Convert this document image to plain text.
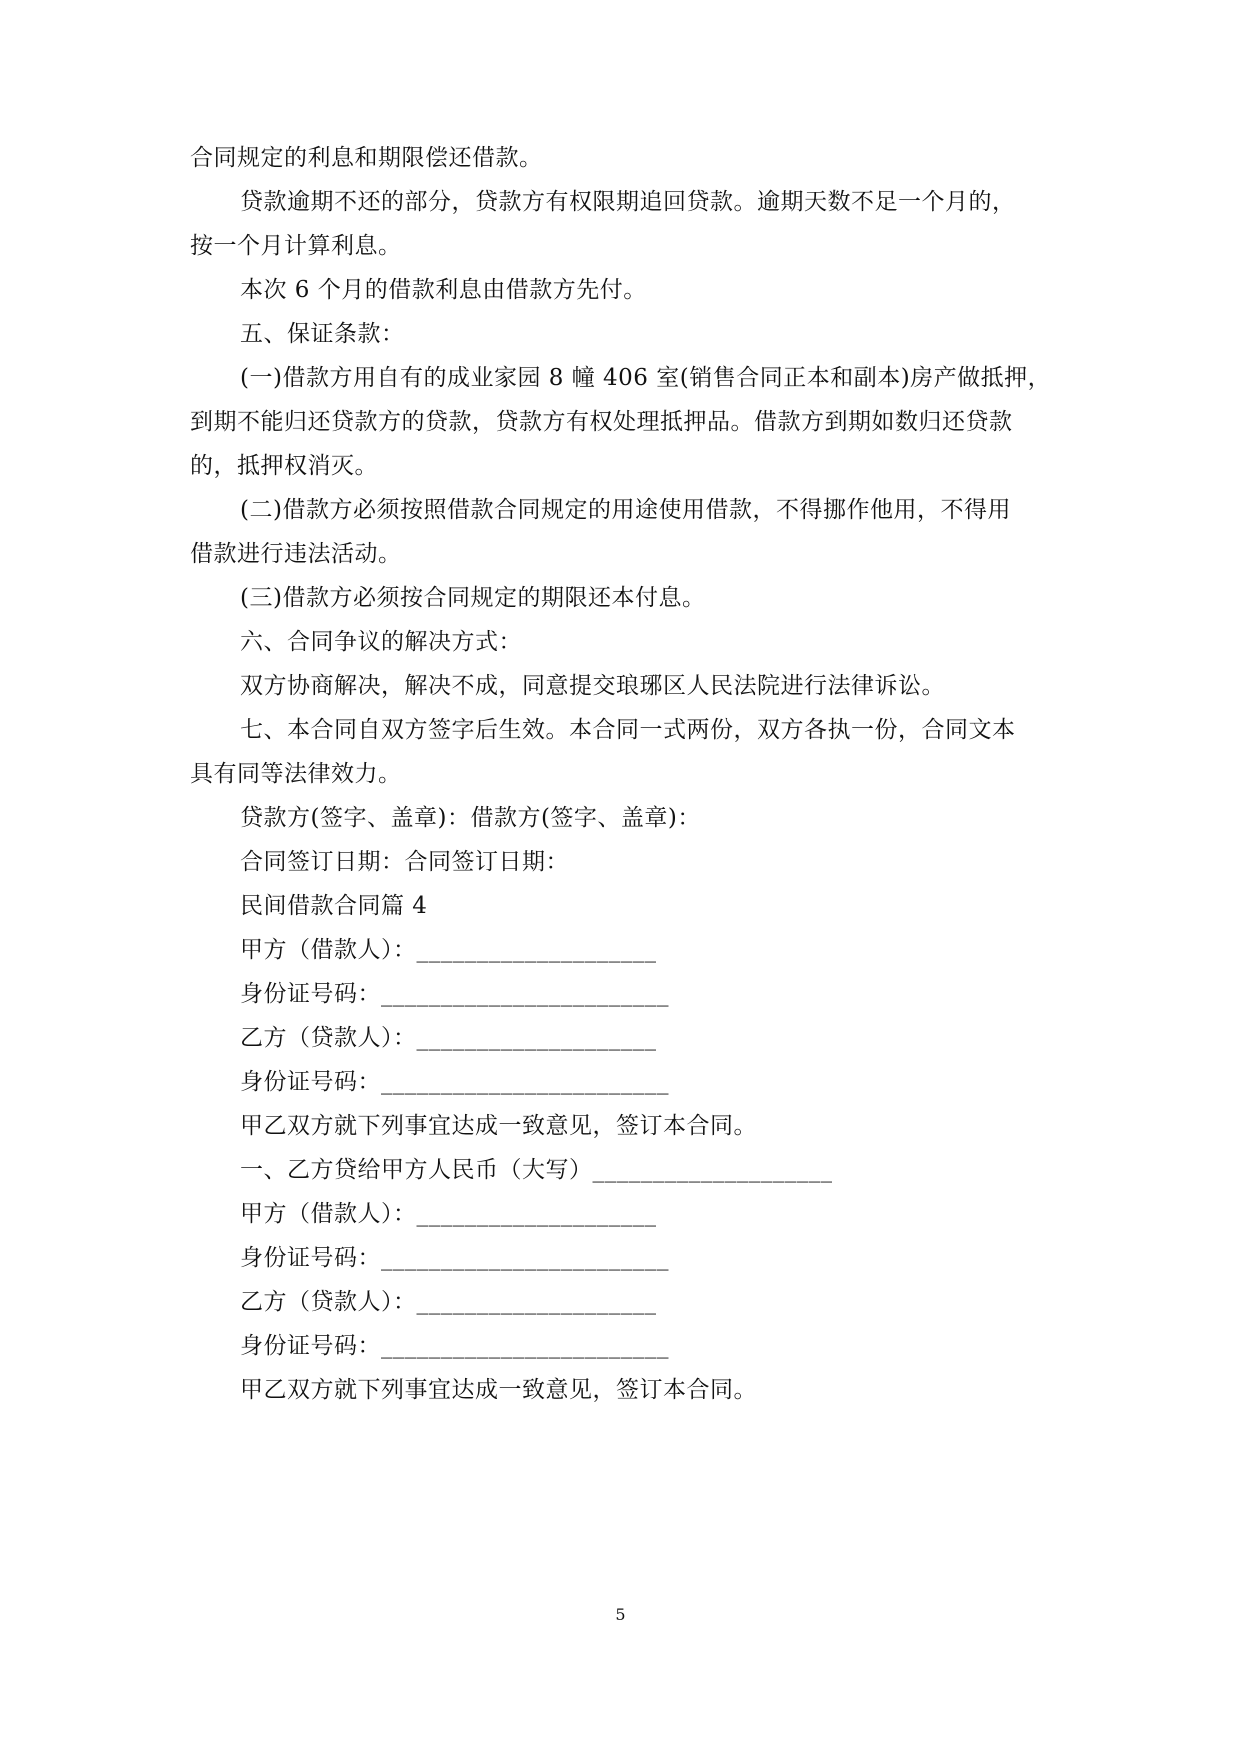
合同规定的利息和期限偿还借款。
贷款逾期不还的部分，贷款方有权限期追回贷款。逾期天数不足一个月的，
按一个月计算利息。
本次 6 个月的借款利息由借款方先付。
五、保证条款：
(一)借款方用自有的成业家园 8 幢 406 室(销售合同正本和副本)房产做抵押，
到期不能归还贷款方的贷款，贷款方有权处理抵押品。借款方到期如数归还贷款
的，抵押权消灭。
(二)借款方必须按照借款合同规定的用途使用借款，不得挪作他用，不得用
借款进行违法活动。
(三)借款方必须按合同规定的期限还本付息。
六、合同争议的解决方式：
双方协商解决，解决不成，同意提交琅琊区人民法院进行法律诉讼。
七、本合同自双方签字后生效。本合同一式两份，双方各执一份，合同文本
具有同等法律效力。
贷款方(签字、盖章)：借款方(签字、盖章)：
合同签订日期：合同签订日期：
民间借款合同篇 4
甲方（借款人）：____________________
身份证号码：________________________
乙方（贷款人）：____________________
身份证号码：________________________
甲乙双方就下列事宜达成一致意见，签订本合同。
一、乙方贷给甲方人民币（大写）____________________
甲方（借款人）：____________________
身份证号码：________________________
乙方（贷款人）：____________________
身份证号码：________________________
甲乙双方就下列事宜达成一致意见，签订本合同。
5
